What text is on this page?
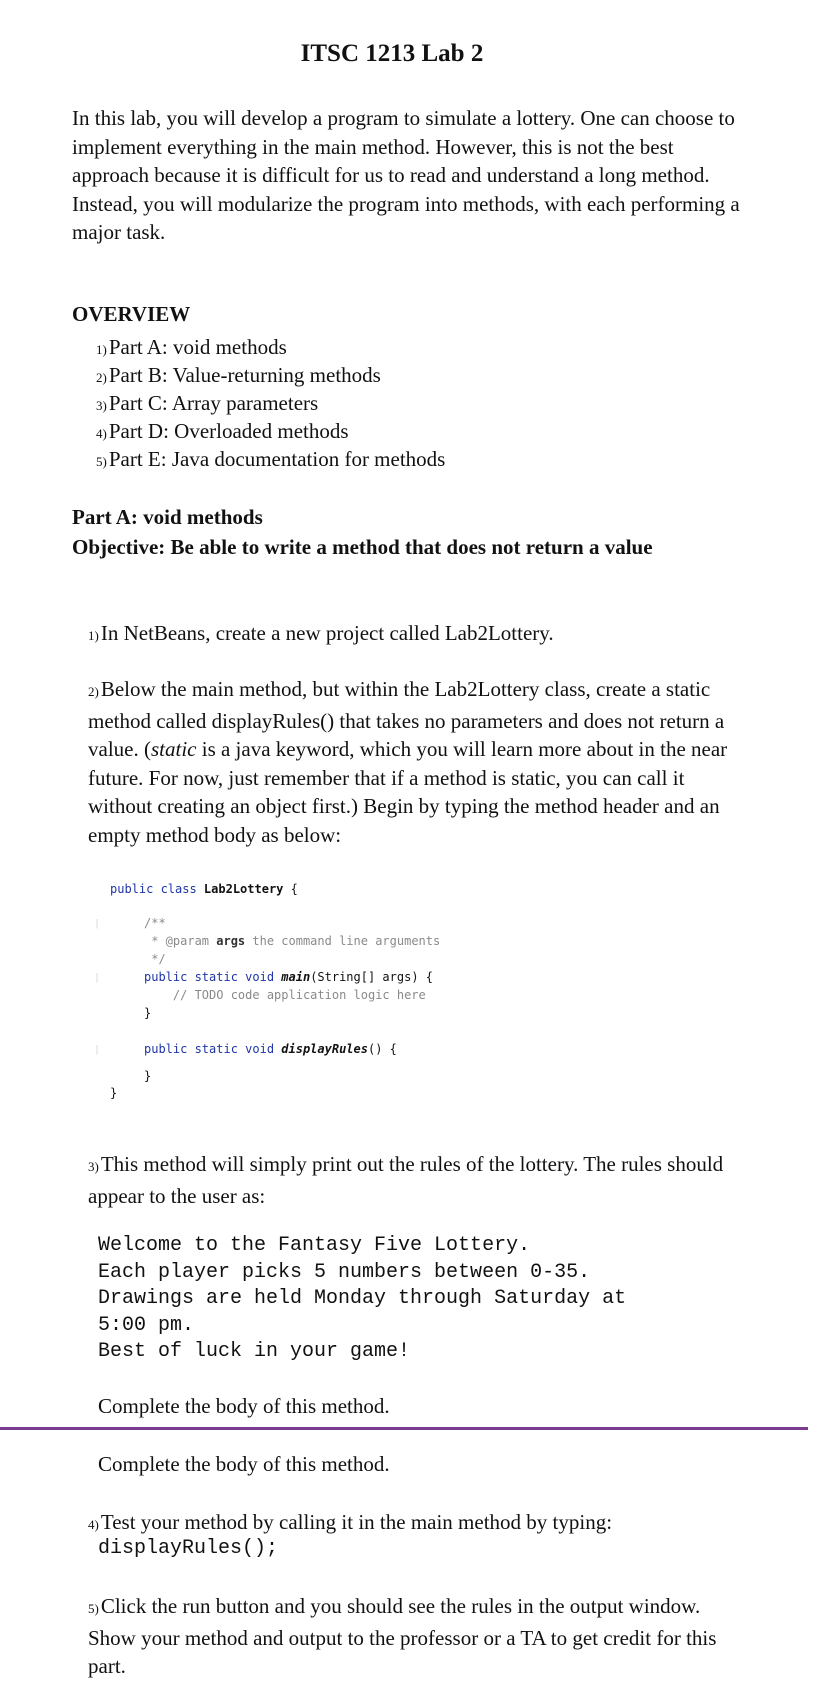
ITSC 1213 Lab 2
In this lab, you will develop a program to simulate a lottery. One can choose to implement everything in the main method. However, this is not the best approach because it is difficult for us to read and understand a long method. Instead, you will modularize the program into methods, with each performing a major task.
OVERVIEW
1)Part A: void methods
2)Part B: Value-returning methods
3)Part C: Array parameters
4)Part D: Overloaded methods
5)Part E: Java documentation for methods
Part A: void methods
Objective: Be able to write a method that does not return a value
1)In NetBeans, create a new project called Lab2Lottery.
2)Below the main method, but within the Lab2Lottery class, create a static method called displayRules() that takes no parameters and does not return a value. (static is a java keyword, which you will learn more about in the near future. For now, just remember that if a method is static, you can call it without creating an object first.) Begin by typing the method header and an empty method body as below:
public class Lab2Lottery {
|	/**
* @param args the command line arguments
*/
|	public static void main(String[] args) {
// TODO code application logic here
}
|	public static void displayRules() {
}
}
3)This method will simply print out the rules of the lottery. The rules should appear to the user as:
Welcome to the Fantasy Five Lottery.
Each player picks 5 numbers between 0-35.
Drawings are held Monday through Saturday at
5:00 pm.
Best of luck in your game!
Complete the body of this method.
Complete the body of this method.
4)Test your method by calling it in the main method by typing:
displayRules();
5)Click the run button and you should see the rules in the output window. Show your method and output to the professor or a TA to get credit for this part.
